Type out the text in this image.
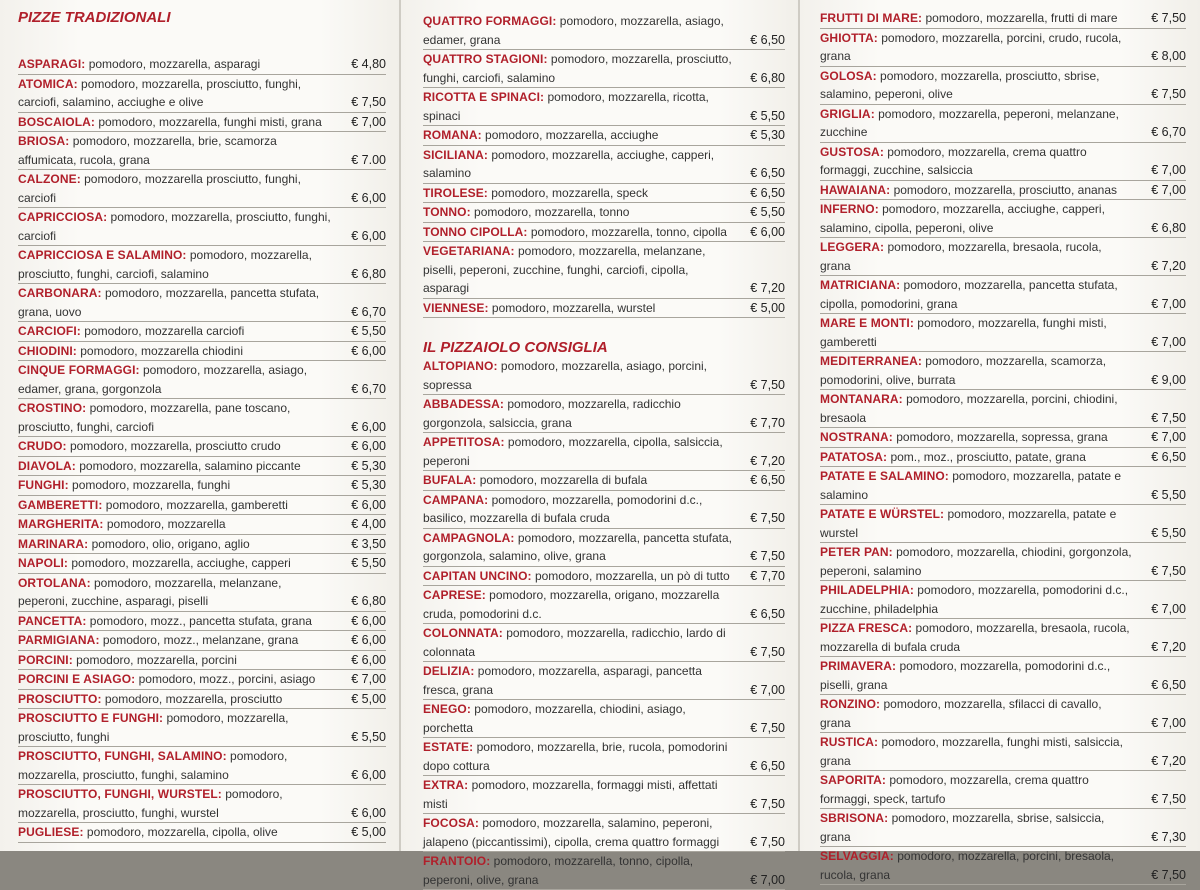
PIZZE TRADIZIONALI
ASPARAGI: pomodoro, mozzarella, asparagi	€ 4,80
ATOMICA: pomodoro, mozzarella, prosciutto, funghi, carciofi, salamino, acciughe e olive	€ 7,50
BOSCAIOLA: pomodoro, mozzarella, funghi misti, grana € 7,00
BRIOSA: pomodoro, mozzarella, brie, scamorza affumicata, rucola, grana	€ 7.00
CALZONE: pomodoro, mozzarella prosciutto, funghi, carciofi	€ 6,00
CAPRICCIOSA: pomodoro, mozzarella, prosciutto, funghi, carciofi	€ 6,00
CAPRICCIOSA E SALAMINO: pomodoro, mozzarella, prosciutto, funghi, carciofi, salamino	€ 6,80
CARBONARA: pomodoro, mozzarella, pancetta stufata, grana, uovo	€ 6,70
CARCIOFI: pomodoro, mozzarella carciofi	€ 5,50
CHIODINI: pomodoro, mozzarella chiodini	€ 6,00
CINQUE FORMAGGI: pomodoro, mozzarella, asiago, edamer, grana, gorgonzola	€ 6,70
CROSTINO: pomodoro, mozzarella, pane toscano, prosciutto, funghi, carciofi	€ 6,00
CRUDO: pomodoro, mozzarella, prosciutto crudo	€ 6,00
DIAVOLA: pomodoro, mozzarella, salamino piccante	€ 5,30
FUNGHI: pomodoro, mozzarella, funghi	€ 5,30
GAMBERETTI: pomodoro, mozzarella, gamberetti	€ 6,00
MARGHERITA: pomodoro, mozzarella	€ 4,00
MARINARA: pomodoro, olio, origano, aglio	€ 3,50
NAPOLI: pomodoro, mozzarella, acciughe, capperi	€ 5,50
ORTOLANA: pomodoro, mozzarella, melanzane, peperoni, zucchine, asparagi, piselli	€ 6,80
PANCETTA: pomodoro, mozz., pancetta stufata, grana	€ 6,00
PARMIGIANA: pomodoro, mozz., melanzane, grana	€ 6,00
PORCINI: pomodoro, mozzarella, porcini	€ 6,00
PORCINI E ASIAGO: pomodoro, mozz., porcini, asiago	€ 7,00
PROSCIUTTO: pomodoro, mozzarella, prosciutto	€ 5,00
PROSCIUTTO E FUNGHI: pomodoro, mozzarella, prosciutto, funghi	€ 5,50
PROSCIUTTO, FUNGHI, SALAMINO: pomodoro, mozzarella, prosciutto, funghi, salamino	€ 6,00
PROSCIUTTO, FUNGHI, WURSTEL: pomodoro, mozzarella, prosciutto, funghi, wurstel	€ 6,00
PUGLIESE: pomodoro, mozzarella, cipolla, olive	€ 5,00
QUATTRO FORMAGGI: pomodoro, mozzarella, asiago, edamer, grana	€ 6,50
QUATTRO STAGIONI: pomodoro, mozzarella, prosciutto, funghi, carciofi, salamino	€ 6,80
RICOTTA E SPINACI: pomodoro, mozzarella, ricotta, spinaci	€ 5,50
ROMANA: pomodoro, mozzarella, acciughe	€ 5,30
SICILIANA: pomodoro, mozzarella, acciughe, capperi, salamino	€ 6,50
TIROLESE: pomodoro, mozzarella, speck	€ 6,50
TONNO: pomodoro, mozzarella, tonno	€ 5,50
TONNO CIPOLLA: pomodoro, mozzarella, tonno, cipolla € 6,00
VEGETARIANA: pomodoro, mozzarella, melanzane, piselli, peperoni, zucchine, funghi, carciofi, cipolla, asparagi	€ 7,20
VIENNESE: pomodoro, mozzarella, wurstel	€ 5,00
IL PIZZAIOLO CONSIGLIA
ALTOPIANO: pomodoro, mozzarella, asiago, porcini, sopressa	€ 7,50
ABBADESSA: pomodoro, mozzarella, radicchio gorgonzola, salsiccia, grana	€ 7,70
APPETITOSA: pomodoro, mozzarella, cipolla, salsiccia, peperoni	€ 7,20
BUFALA: pomodoro, mozzarella di bufala	€ 6,50
CAMPANA: pomodoro, mozzarella, pomodorini d.c., basilico, mozzarella di bufala cruda	€ 7,50
CAMPAGNOLA: pomodoro, mozzarella, pancetta stufata, gorgonzola, salamino, olive, grana	€ 7,50
CAPITAN UNCINO: pomodoro, mozzarella, un pò di tutto € 7,70
CAPRESE: pomodoro, mozzarella, origano, mozzarella cruda, pomodorini d.c.	€ 6,50
COLONNATA: pomodoro, mozzarella, radicchio, lardo di colonnata	€ 7,50
DELIZIA: pomodoro, mozzarella, asparagi, pancetta fresca, grana	€ 7,00
ENEGO: pomodoro, mozzarella, chiodini, asiago, porchetta	€ 7,50
ESTATE: pomodoro, mozzarella, brie, rucola, pomodorini dopo cottura	€ 6,50
EXTRA: pomodoro, mozzarella, formaggi misti, affettati misti	€ 7,50
FOCOSA: pomodoro, mozzarella, salamino, peperoni, jalapeno (piccantissimi), cipolla, crema quattro formaggi € 7,50
FRANTOIO: pomodoro, mozzarella, tonno, cipolla, peperoni, olive, grana	€ 7,00
FRUTTI DI MARE: pomodoro, mozzarella, frutti di mare	€ 7,50
GHIOTTA: pomodoro, mozzarella, porcini, crudo, rucola, grana	€ 8,00
GOLOSA: pomodoro, mozzarella, prosciutto, sbrise, salamino, peperoni, olive	€ 7,50
GRIGLIA: pomodoro, mozzarella, peperoni, melanzane, zucchine	€ 6,70
GUSTOSA: pomodoro, mozzarella, crema quattro formaggi, zucchine, salsiccia	€ 7,00
HAWAIANA: pomodoro, mozzarella, prosciutto, ananas	€ 7,00
INFERNO: pomodoro, mozzarella, acciughe, capperi, salamino, cipolla, peperoni, olive	€ 6,80
LEGGERA: pomodoro, mozzarella, bresaola, rucola, grana	€ 7,20
MATRICIANA: pomodoro, mozzarella, pancetta stufata, cipolla, pomodorini, grana	€ 7,00
MARE E MONTI: pomodoro, mozzarella, funghi misti, gamberetti	€ 7,00
MEDITERRANEA: pomodoro, mozzarella, scamorza, pomodorini, olive, burrata	€ 9,00
MONTANARA: pomodoro, mozzarella, porcini, chiodini, bresaola	€ 7,50
NOSTRANA: pomodoro, mozzarella, sopressa, grana	€ 7,00
PATATOSA: pom., moz., prosciutto, patate, grana	€ 6,50
PATATE E SALAMINO: pomodoro, mozzarella, patate e salamino	€ 5,50
PATATE E WÜRSTEL: pomodoro, mozzarella, patate e wurstel	€ 5,50
PETER PAN: pomodoro, mozzarella, chiodini, gorgonzola, peperoni, salamino	€ 7,50
PHILADELPHIA: pomodoro, mozzarella, pomodorini d.c., zucchine, philadelphia	€ 7,00
PIZZA FRESCA: pomodoro, mozzarella, bresaola, rucola, mozzarella di bufala cruda	€ 7,20
PRIMAVERA: pomodoro, mozzarella, pomodorini d.c., piselli, grana	€ 6,50
RONZINO: pomodoro, mozzarella, sfilacci di cavallo, grana	€ 7,00
RUSTICA: pomodoro, mozzarella, funghi misti, salsiccia, grana	€ 7,20
SAPORITA: pomodoro, mozzarella, crema quattro formaggi, speck, tartufo	€ 7,50
SBRISONA: pomodoro, mozzarella, sbrise, salsiccia, grana	€ 7,30
SELVAGGIA: pomodoro, mozzarella, porcini, bresaola, rucola, grana	€ 7,50
